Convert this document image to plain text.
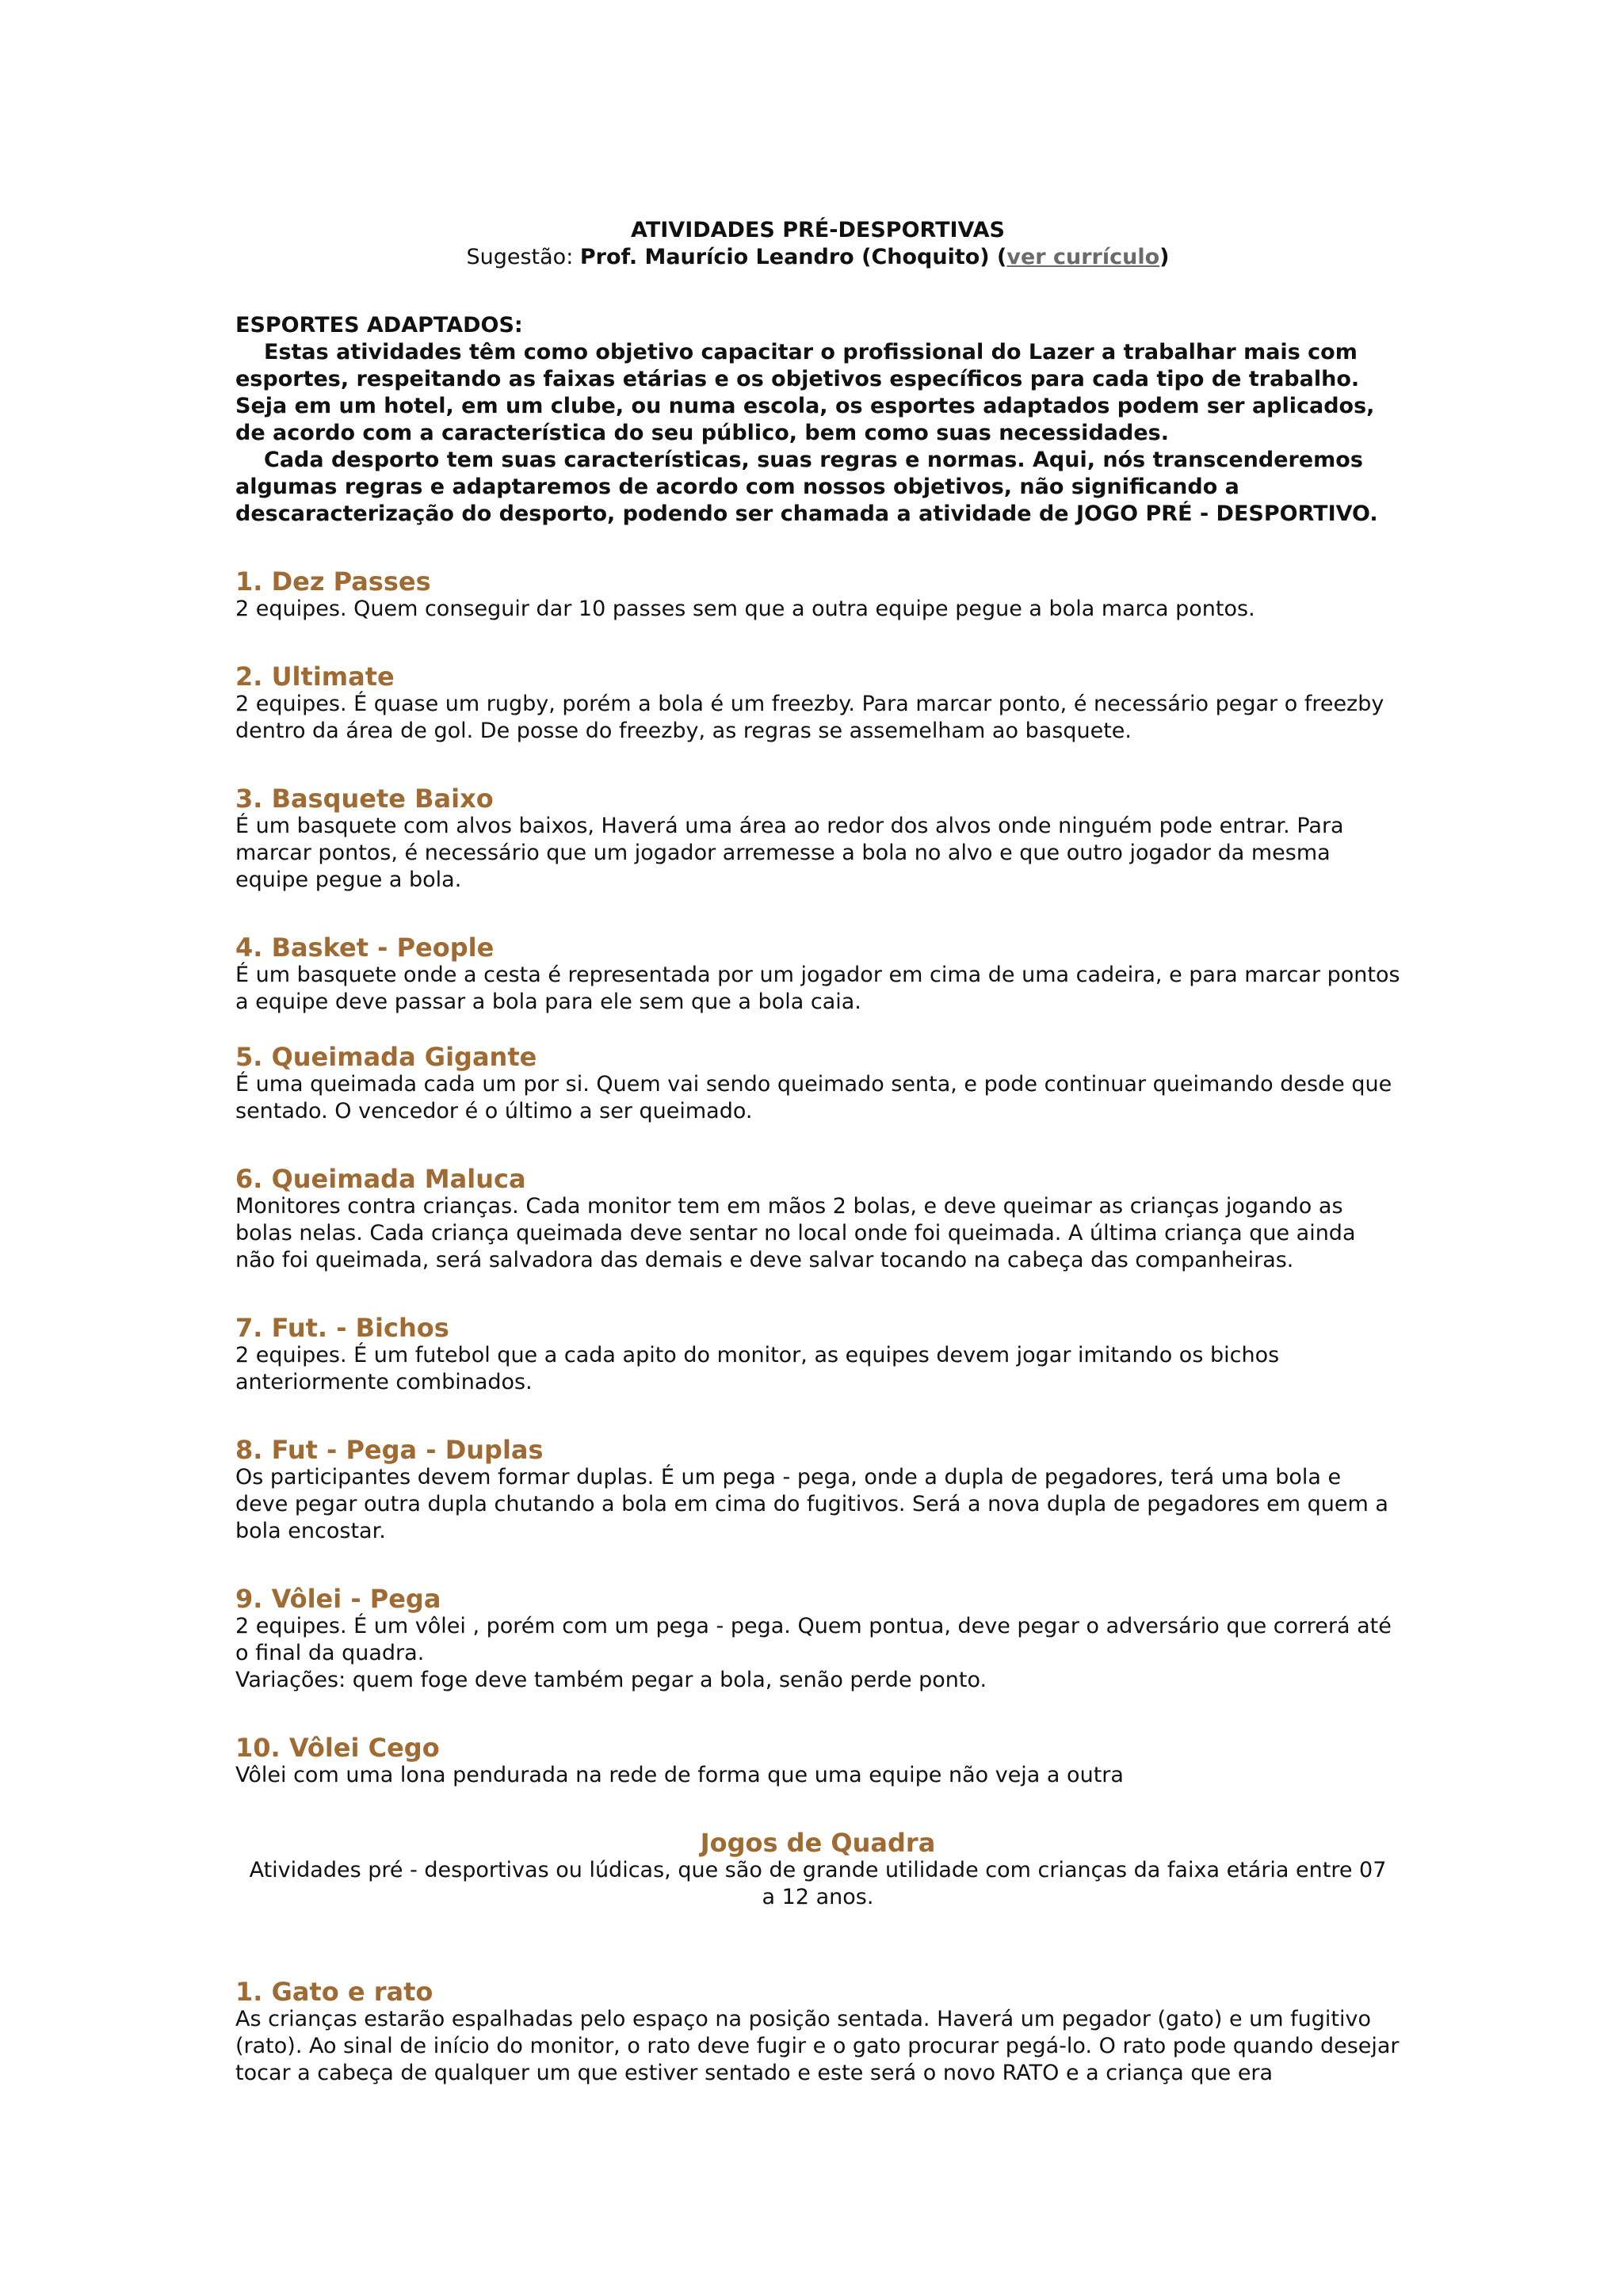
ATIVIDADES PRÉ-DESPORTIVAS
Sugestão: Prof. Maurício Leandro (Choquito) (ver currículo)
ESPORTES ADAPTADOS:

Estas atividades têm como objetivo capacitar o profissional do Lazer a trabalhar mais com esportes, respeitando as faixas etárias e os objetivos específicos para cada tipo de trabalho. Seja em um hotel, em um clube, ou numa escola, os esportes adaptados podem ser aplicados, de acordo com a característica do seu público, bem como suas necessidades.

Cada desporto tem suas características, suas regras e normas. Aqui, nós transcenderemos algumas regras e adaptaremos de acordo com nossos objetivos, não significando a descaracterização do desporto, podendo ser chamada a atividade de JOGO PRÉ - DESPORTIVO.

1. Dez Passes

2 equipes. Quem conseguir dar 10 passes sem que a outra equipe pegue a bola marca pontos.

2. Ultimate

2 equipes. É quase um rugby, porém a bola é um freezby. Para marcar ponto, é necessário pegar o freezby dentro da área de gol. De posse do freezby, as regras se assemelham ao basquete.

3. Basquete Baixo

É um basquete com alvos baixos, Haverá uma área ao redor dos alvos onde ninguém pode entrar. Para marcar pontos, é necessário que um jogador arremesse a bola no alvo e que outro jogador da mesma equipe pegue a bola.

4. Basket - People

É um basquete onde a cesta é representada por um jogador em cima de uma cadeira, e para marcar pontos a equipe deve passar a bola para ele sem que a bola caia.

5. Queimada Gigante

É uma queimada cada um por si. Quem vai sendo queimado senta, e pode continuar queimando desde que sentado. O vencedor é o último a ser queimado.

6. Queimada Maluca

Monitores contra crianças. Cada monitor tem em mãos 2 bolas, e deve queimar as crianças jogando as bolas nelas. Cada criança queimada deve sentar no local onde foi queimada. A última criança que ainda não foi queimada, será salvadora das demais e deve salvar tocando na cabeça das companheiras.

7. Fut. - Bichos

2 equipes. É um futebol que a cada apito do monitor, as equipes devem jogar imitando os bichos anteriormente combinados.

8. Fut - Pega - Duplas

Os participantes devem formar duplas. É um pega - pega, onde a dupla de pegadores, terá uma bola e deve pegar outra dupla chutando a bola em cima do fugitivos. Será a nova dupla de pegadores em quem a bola encostar.

9. Vôlei - Pega

2 equipes. É um vôlei , porém com um pega - pega. Quem pontua, deve pegar o adversário que correrá até o final da quadra.

Variações: quem foge deve também pegar a bola, senão perde ponto.

10. Vôlei Cego

Vôlei com uma lona pendurada na rede de forma que uma equipe não veja a outra

Jogos de Quadra

Atividades pré - desportivas ou lúdicas, que são de grande utilidade com crianças da faixa etária entre 07 a 12 anos.

1. Gato e rato

As crianças estarão espalhadas pelo espaço na posição sentada. Haverá um pegador (gato) e um fugitivo (rato). Ao sinal de início do monitor, o rato deve fugir e o gato procurar pegá-lo. O rato pode quando desejar tocar a cabeça de qualquer um que estiver sentado e este será o novo RATO e a criança que era
